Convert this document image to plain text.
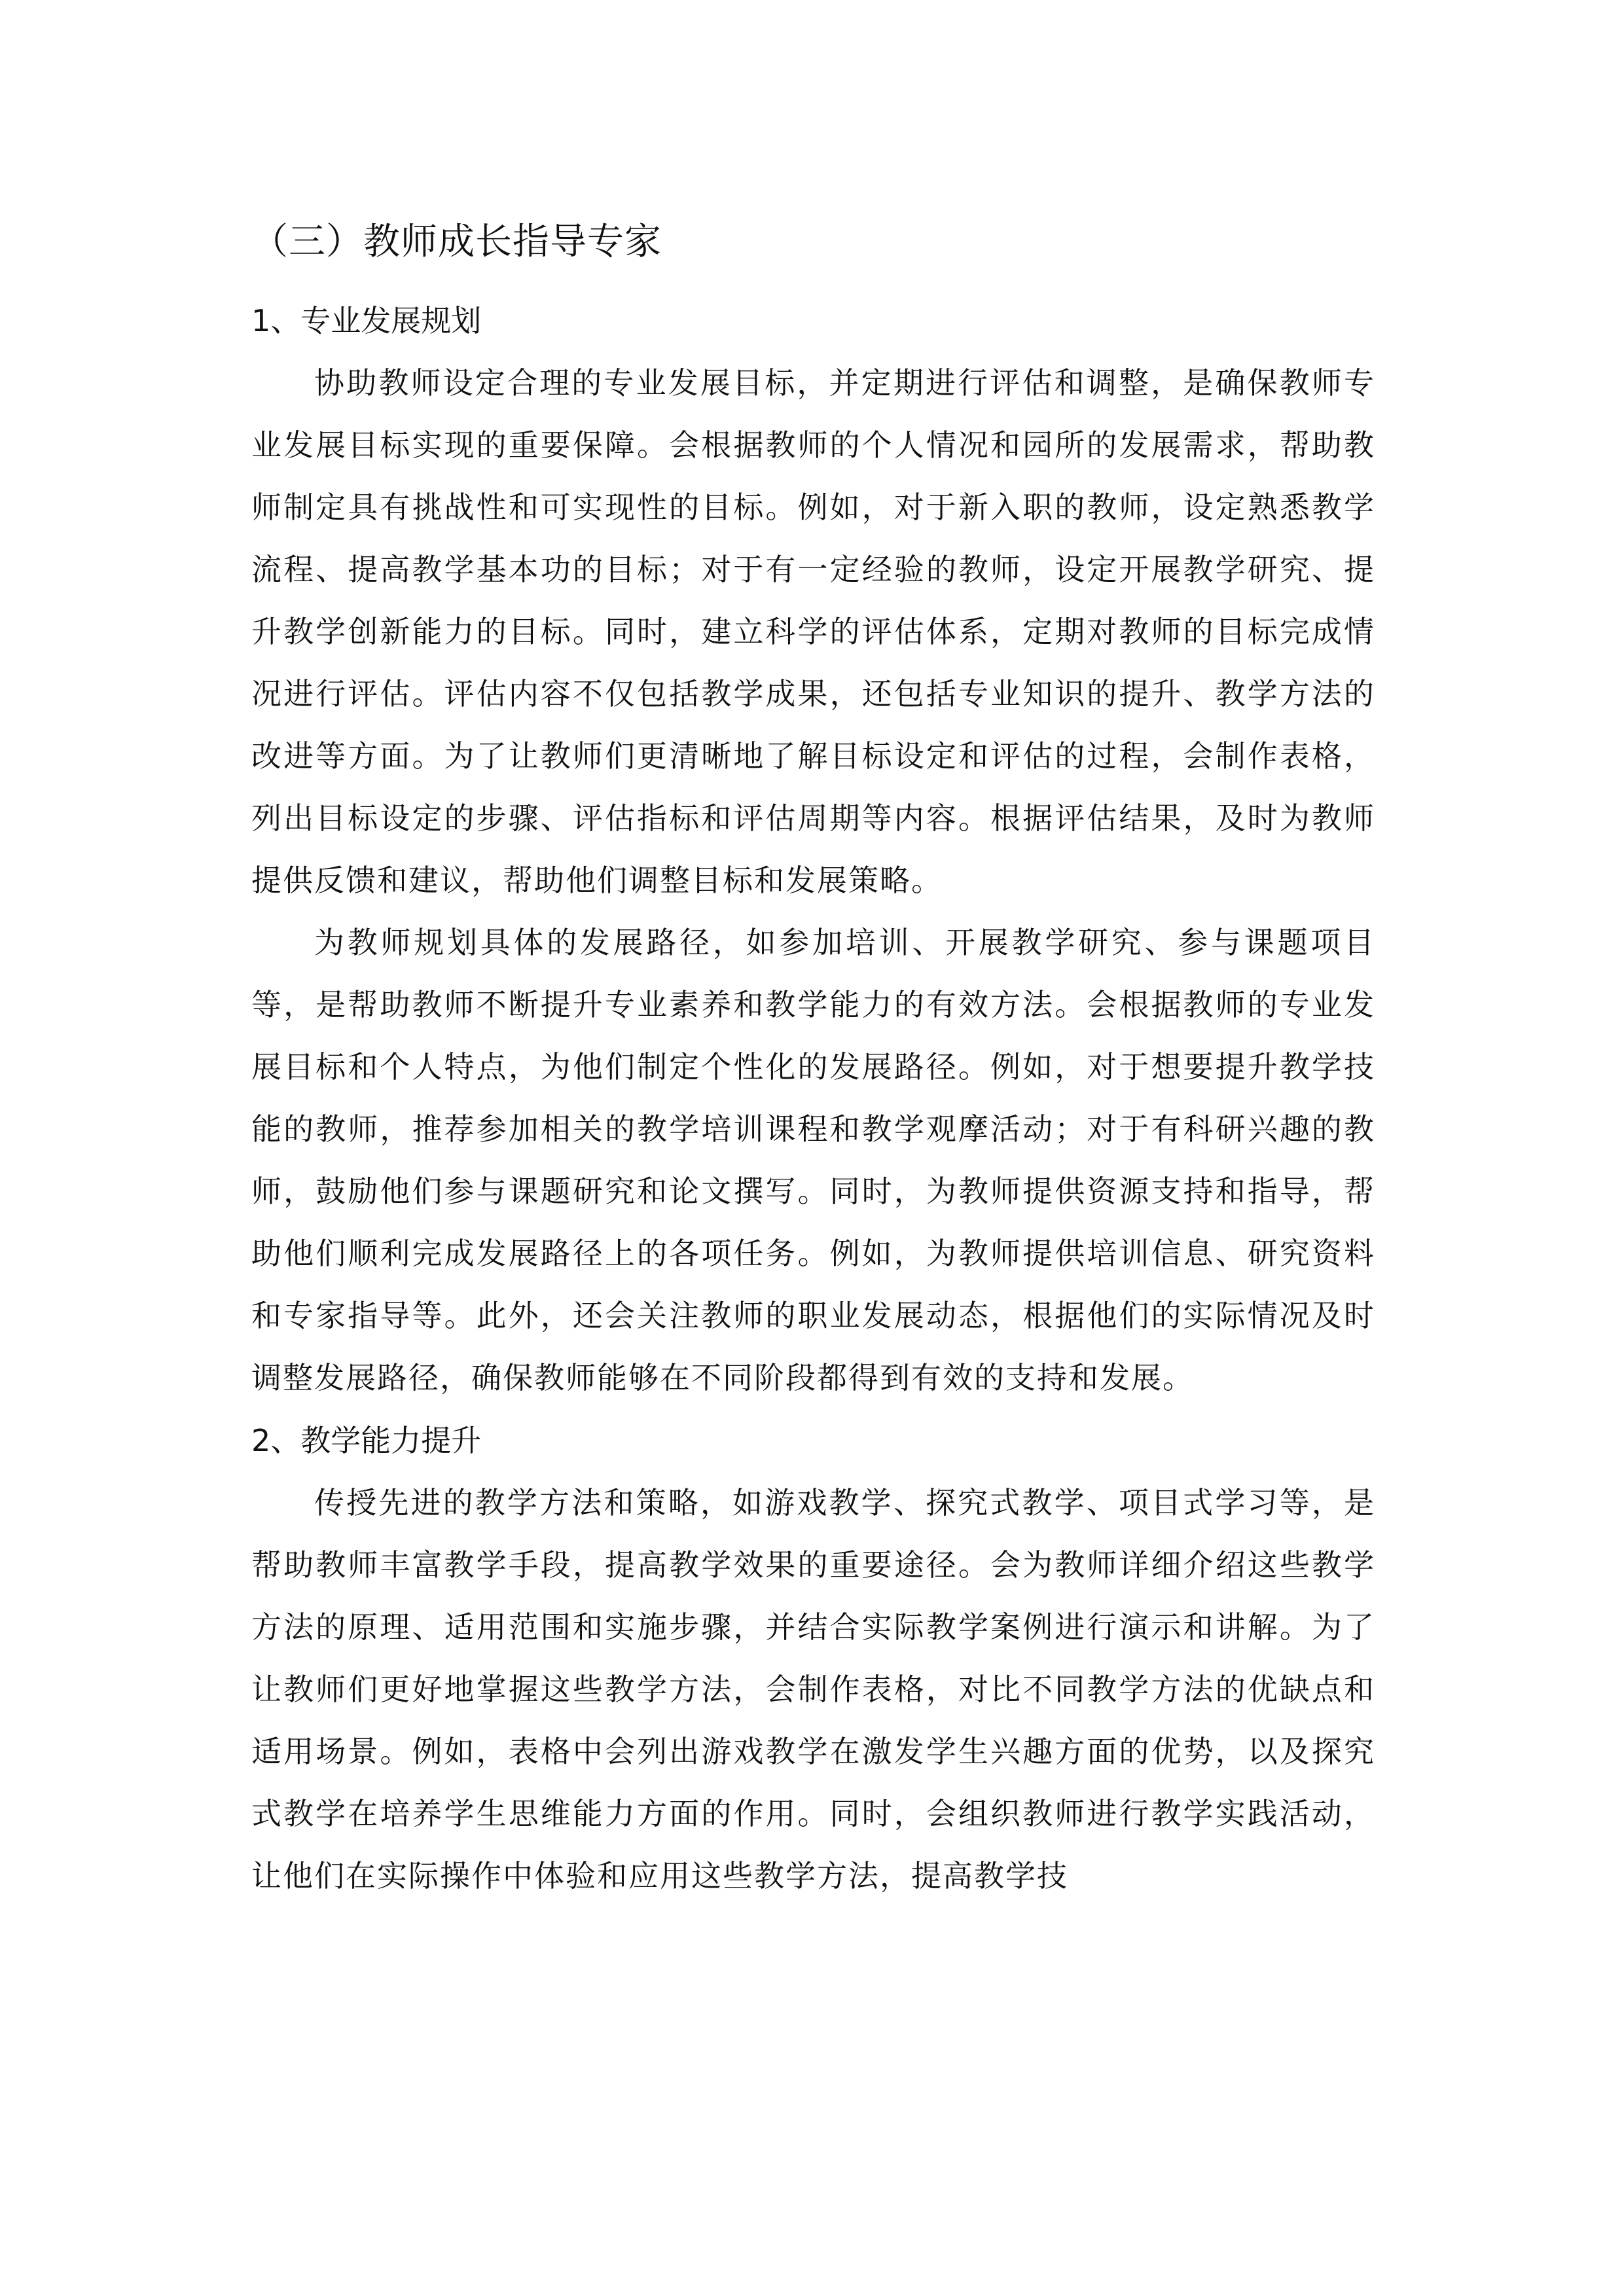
（三）教师成长指导专家
1、专业发展规划

协助教师设定合理的专业发展目标，并定期进行评估和调整，是确保教师专业发展目标实现的重要保障。会根据教师的个人情况和园所的发展需求，帮助教师制定具有挑战性和可实现性的目标。例如，对于新入职的教师，设定熟悉教学流程、提高教学基本功的目标；对于有一定经验的教师，设定开展教学研究、提升教学创新能力的目标。同时，建立科学的评估体系，定期对教师的目标完成情况进行评估。评估内容不仅包括教学成果，还包括专业知识的提升、教学方法的改进等方面。为了让教师们更清晰地了解目标设定和评估的过程，会制作表格，列出目标设定的步骤、评估指标和评估周期等内容。根据评估结果，及时为教师提供反馈和建议，帮助他们调整目标和发展策略。

为教师规划具体的发展路径，如参加培训、开展教学研究、参与课题项目等，是帮助教师不断提升专业素养和教学能力的有效方法。会根据教师的专业发展目标和个人特点，为他们制定个性化的发展路径。例如，对于想要提升教学技能的教师，推荐参加相关的教学培训课程和教学观摩活动；对于有科研兴趣的教师，鼓励他们参与课题研究和论文撰写。同时，为教师提供资源支持和指导，帮助他们顺利完成发展路径上的各项任务。例如，为教师提供培训信息、研究资料和专家指导等。此外，还会关注教师的职业发展动态，根据他们的实际情况及时调整发展路径，确保教师能够在不同阶段都得到有效的支持和发展。

2、教学能力提升

传授先进的教学方法和策略，如游戏教学、探究式教学、项目式学习等，是帮助教师丰富教学手段，提高教学效果的重要途径。会为教师详细介绍这些教学方法的原理、适用范围和实施步骤，并结合实际教学案例进行演示和讲解。为了让教师们更好地掌握这些教学方法，会制作表格，对比不同教学方法的优缺点和适用场景。例如，表格中会列出游戏教学在激发学生兴趣方面的优势，以及探究式教学在培养学生思维能力方面的作用。同时，会组织教师进行教学实践活动，让他们在实际操作中体验和应用这些教学方法，提高教学技
